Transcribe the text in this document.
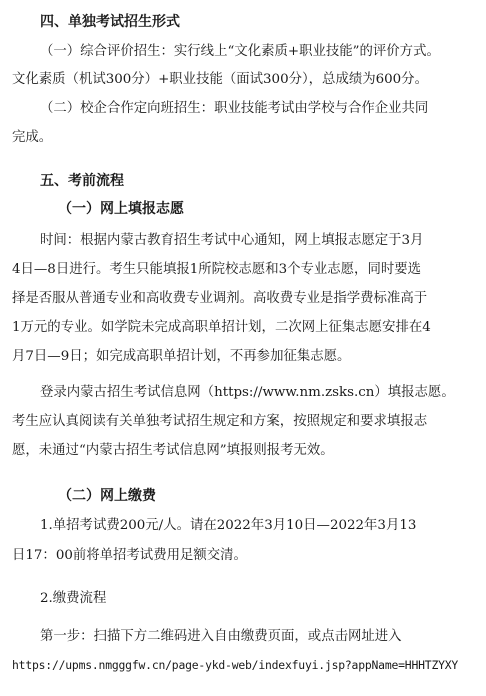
四、单独考试招生形式
（一）综合评价招生：实行线上“文化素质+职业技能”的评价方式。
文化素质（机试300分）+职业技能（面试300分），总成绩为600分。
（二）校企合作定向班招生：职业技能考试由学校与合作企业共同
完成。
五、考前流程
（一）网上填报志愿
时间：根据内蒙古教育招生考试中心通知，网上填报志愿定于3月
4日—8日进行。考生只能填报1所院校志愿和3个专业志愿，同时要选
择是否服从普通专业和高收费专业调剂。高收费专业是指学费标准高于
1万元的专业。如学院未完成高职单招计划，二次网上征集志愿安排在4
月7日—9日；如完成高职单招计划，不再参加征集志愿。
登录内蒙古招生考试信息网（https://www.nm.zsks.cn）填报志愿。
考生应认真阅读有关单独考试招生规定和方案，按照规定和要求填报志
愿，未通过“内蒙古招生考试信息网”填报则报考无效。
（二）网上缴费
1.单招考试费200元/人。请在2022年3月10日—2022年3月13
日17：00前将单招考试费用足额交清。
2.缴费流程
第一步：扫描下方二维码进入自由缴费页面，或点击网址进入
https://upms.nmgggfw.cn/page-ykd-web/indexfuyi.jsp?appName=HHHTZYXY
